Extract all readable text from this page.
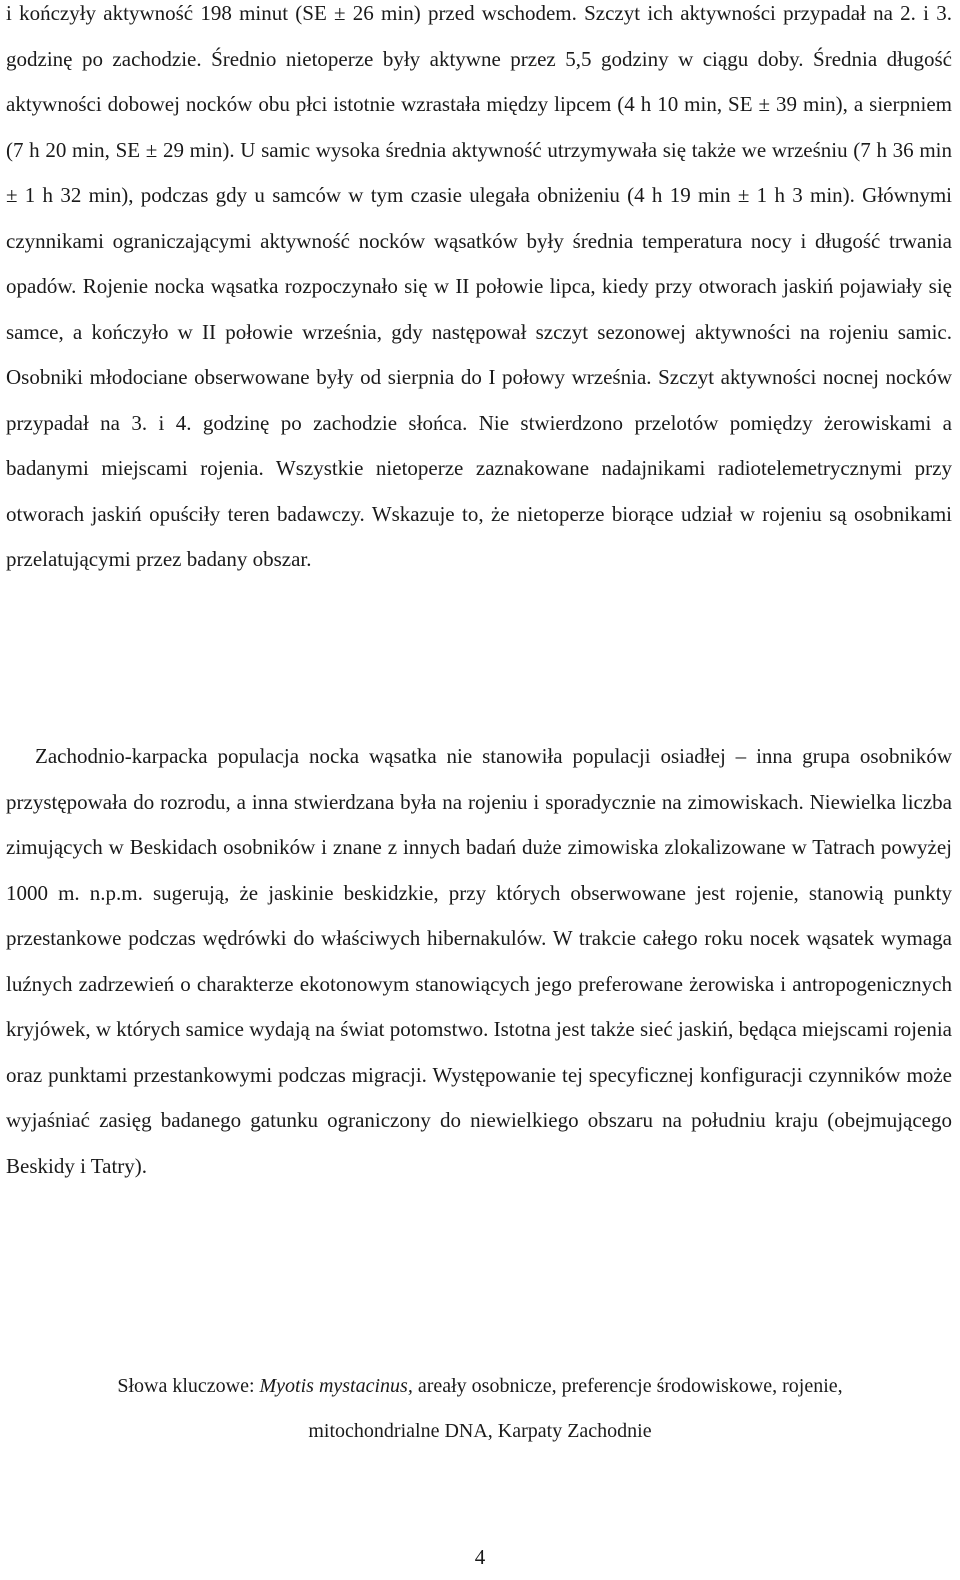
i kończyły aktywność 198 minut (SE ± 26 min) przed wschodem. Szczyt ich aktywności przypadał na 2. i 3. godzinę po zachodzie. Średnio nietoperze były aktywne przez 5,5 godziny w ciągu doby. Średnia długość aktywności dobowej nocków obu płci istotnie wzrastała między lipcem (4 h 10 min, SE ± 39 min), a sierpniem (7 h 20 min, SE ± 29 min). U samic wysoka średnia aktywność utrzymywała się także we wrześniu (7 h 36 min ± 1 h 32 min), podczas gdy u samców w tym czasie ulegała obniżeniu (4 h 19 min ± 1 h 3 min). Głównymi czynnikami ograniczającymi aktywność nocków wąsatków były średnia temperatura nocy i długość trwania opadów. Rojenie nocka wąsatka rozpoczynało się w II połowie lipca, kiedy przy otworach jaskiń pojawiały się samce, a kończyło w II połowie września, gdy następował szczyt sezonowej aktywności na rojeniu samic. Osobniki młodociane obserwowane były od sierpnia do I połowy września. Szczyt aktywności nocnej nocków przypadał na 3. i 4. godzinę po zachodzie słońca. Nie stwierdzono przelotów pomiędzy żerowiskami a badanymi miejscami rojenia. Wszystkie nietoperze zaznakowane nadajnikami radiotelemetrycznymi przy otworach jaskiń opuściły teren badawczy. Wskazuje to, że nietoperze biorące udział w rojeniu są osobnikami przelatującymi przez badany obszar.

Zachodnio-karpacka populacja nocka wąsatka nie stanowiła populacji osiadłej – inna grupa osobników przystępowała do rozrodu, a inna stwierdzana była na rojeniu i sporadycznie na zimowiskach. Niewielka liczba zimujących w Beskidach osobników i znane z innych badań duże zimowiska zlokalizowane w Tatrach powyżej 1000 m. n.p.m. sugerują, że jaskinie beskidzkie, przy których obserwowane jest rojenie, stanowią punkty przestankowe podczas wędrówki do właściwych hibernakulów. W trakcie całego roku nocek wąsatek wymaga luźnych zadrzewień o charakterze ekotonowym stanowiących jego preferowane żerowiska i antropogenicznych kryjówek, w których samice wydają na świat potomstwo. Istotna jest także sieć jaskiń, będąca miejscami rojenia oraz punktami przestankowymi podczas migracji. Występowanie tej specyficznej konfiguracji czynników może wyjaśniać zasięg badanego gatunku ograniczony do niewielkiego obszaru na południu kraju (obejmującego Beskidy i Tatry).

Słowa kluczowe: Myotis mystacinus, areały osobnicze, preferencje środowiskowe, rojenie,
mitochondrialne DNA, Karpaty Zachodnie

4
